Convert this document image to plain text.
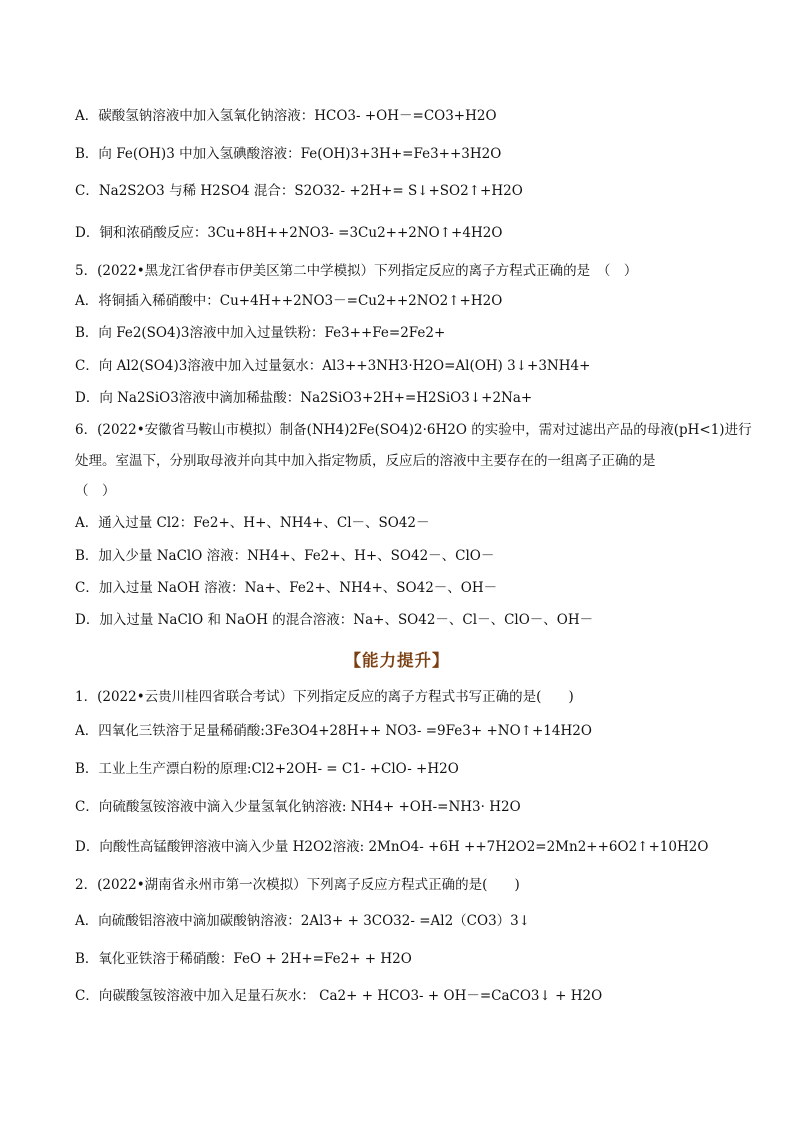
A．碳酸氢钠溶液中加入氢氧化钠溶液：HCO3- +OH－=CO3+H2O
B．向 Fe(OH)3 中加入氢碘酸溶液：Fe(OH)3+3H+=Fe3++3H2O
C．Na2S2O3 与稀 H2SO4 混合：S2O32- +2H+= S↓+SO2↑+H2O
D．铜和浓硝酸反应：3Cu+8H++2NO3- =3Cu2++2NO↑+4H2O
5．(2022•黑龙江省伊春市伊美区第二中学模拟）下列指定反应的离子方程式正确的是　（　）
A．将铜插入稀硝酸中：Cu+4H++2NO3－=Cu2++2NO2↑+H2O
B．向 Fe2(SO4)3溶液中加入过量铁粉：Fe3++Fe=2Fe2+
C．向 Al2(SO4)3溶液中加入过量氨水：Al3++3NH3·H2O=Al(OH) 3↓+3NH4+
D．向 Na2SiO3溶液中滴加稀盐酸：Na2SiO3+2H+=H2SiO3↓+2Na+
6．(2022•安徽省马鞍山市模拟）制备(NH4)2Fe(SO4)2·6H2O 的实验中，需对过滤出产品的母液(pH<1)进行
处理。室温下，分别取母液并向其中加入指定物质，反应后的溶液中主要存在的一组离子正确的是
（　）
A．通入过量 Cl2：Fe2+、H+、NH4+、Cl－、SO42－
B．加入少量 NaClO 溶液：NH4+、Fe2+、H+、SO42－、ClO－
C．加入过量 NaOH 溶液：Na+、Fe2+、NH4+、SO42－、OH－
D．加入过量 NaClO 和 NaOH 的混合溶液：Na+、SO42－、Cl－、ClO－、OH－
【能力提升】
1．(2022•云贵川桂四省联合考试）下列指定反应的离子方程式书写正确的是(　　)
A．四氧化三铁溶于足量稀硝酸:3Fe3O4+28H++ NO3- =9Fe3+ +NO↑+14H2O
B．工业上生产漂白粉的原理:Cl2+2OH- = C1- +ClO- +H2O
C．向硫酸氢铵溶液中滴入少量氢氧化钠溶液: NH4+ +OH-=NH3· H2O
D．向酸性高锰酸钾溶液中滴入少量 H2O2溶液: 2MnO4- +6H ++7H2O2=2Mn2++6O2↑+10H2O
2．(2022•湖南省永州市第一次模拟）下列离子反应方程式正确的是(　　)
A．向硫酸铝溶液中滴加碳酸钠溶液：2Al3+ + 3CO32- =Al2（CO3）3↓
B．氧化亚铁溶于稀硝酸：FeO + 2H+=Fe2+ + H2O
C．向碳酸氢铵溶液中加入足量石灰水： Ca2+ + HCO3- + OH－=CaCO3↓ + H2O
